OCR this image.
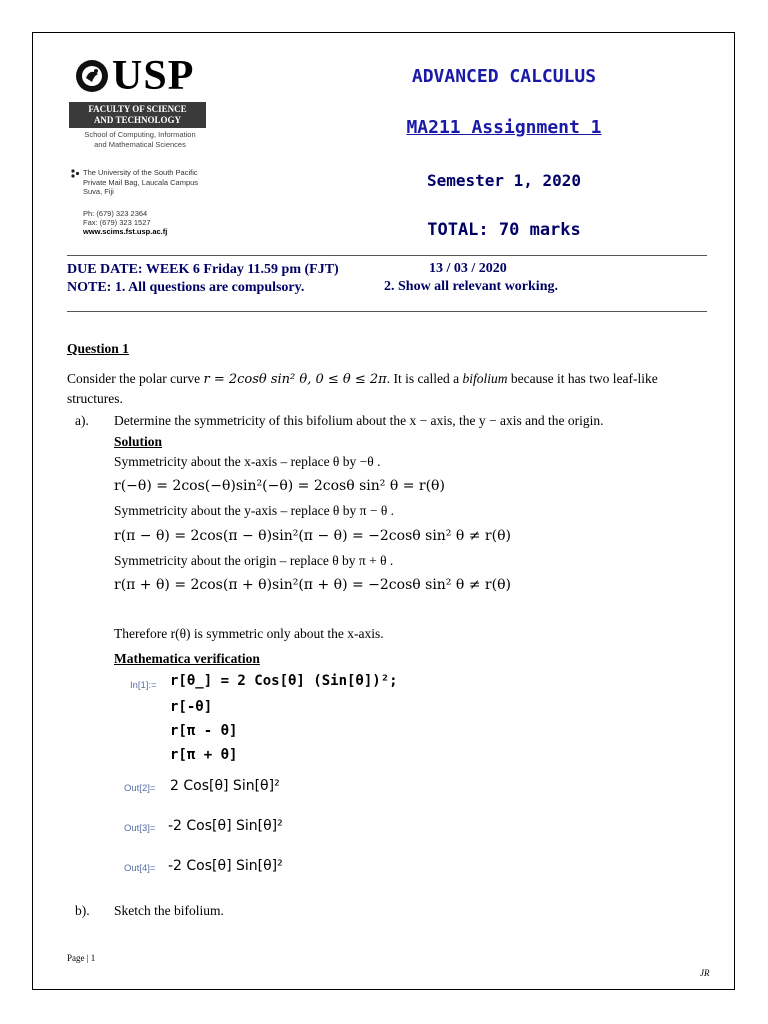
USP
FACULTY OF SCIENCE
AND TECHNOLOGY
School of Computing, Information
and Mathematical Sciences
The University of the South Pacific
Private Mail Bag, Laucala Campus
Suva, Fiji
Ph: (679) 323 2364
Fax: (679) 323 1527
www.scims.fst.usp.ac.fj
ADVANCED CALCULUS
MA211 Assignment 1
Semester 1, 2020
TOTAL: 70 marks
DUE DATE: WEEK 6 Friday 11.59 pm (FJT)
NOTE: 1. All questions are compulsory.
13 / 03 / 2020
2. Show all relevant working.
Question 1
Consider the polar curve r = 2cosθ sin² θ, 0 ≤ θ ≤ 2π. It is called a bifolium because it has two leaf-like
structures.
a). Determine the symmetricity of this bifolium about the x − axis, the y − axis and the origin.
Solution
Symmetricity about the x-axis – replace θ by −θ .
r(−θ) = 2cos(−θ)sin²(−θ) = 2cosθ sin² θ = r(θ)
Symmetricity about the y-axis – replace θ by π − θ .
r(π − θ) = 2cos(π − θ)sin²(π − θ) = −2cosθ sin² θ ≠ r(θ)
Symmetricity about the origin – replace θ by π + θ .
r(π + θ) = 2cos(π + θ)sin²(π + θ) = −2cosθ sin² θ ≠ r(θ)
Therefore r(θ) is symmetric only about the x-axis.
Mathematica verification
In[1]:= r[θ_] = 2 Cos[θ] (Sin[θ])²;
r[-θ]
r[π - θ]
r[π + θ]
Out[2]= 2 Cos[θ] Sin[θ]²
Out[3]= -2 Cos[θ] Sin[θ]²
Out[4]= -2 Cos[θ] Sin[θ]²
b). Sketch the bifolium.
Page | 1
JR
